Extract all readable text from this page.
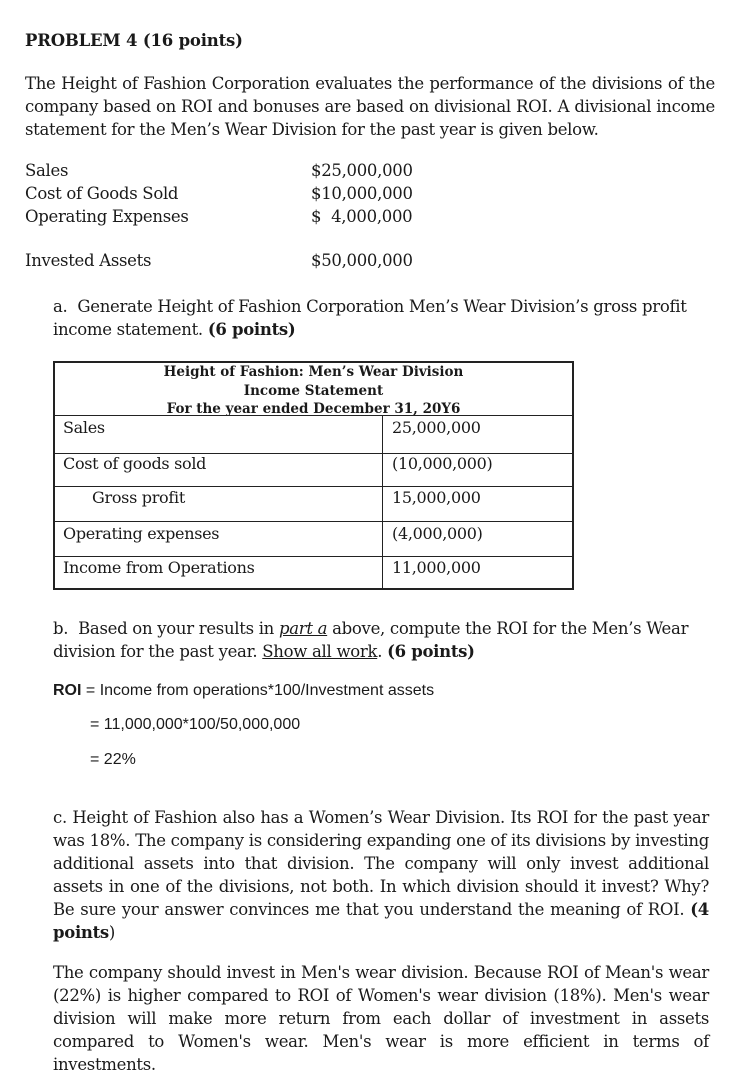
PROBLEM 4 (16 points)
The Height of Fashion Corporation evaluates the performance of the divisions of the company based on ROI and bonuses are based on divisional ROI. A divisional income statement for the Men’s Wear Division for the past year is given below.
Sales	$25,000,000
Cost of Goods Sold	$10,000,000
Operating Expenses	$  4,000,000
Invested Assets	$50,000,000
a. Generate Height of Fashion Corporation Men’s Wear Division’s gross profit income statement. (6 points)
Height of Fashion: Men’s Wear Division
Income Statement
For the year ended December 31, 20Y6
Sales	25,000,000
Cost of goods sold	(10,000,000)
Gross profit	15,000,000
Operating expenses	(4,000,000)
Income from Operations	11,000,000
b. Based on your results in part a above, compute the ROI for the Men’s Wear division for the past year. Show all work. (6 points)
ROI = Income from operations*100/Investment assets
= 11,000,000*100/50,000,000
= 22%
c. Height of Fashion also has a Women’s Wear Division. Its ROI for the past year was 18%. The company is considering expanding one of its divisions by investing additional assets into that division. The company will only invest additional assets in one of the divisions, not both. In which division should it invest? Why? Be sure your answer convinces me that you understand the meaning of ROI. (4 points)
The company should invest in Men's wear division. Because ROI of Mean's wear (22%) is higher compared to ROI of Women's wear division (18%). Men's wear division will make more return from each dollar of investment in assets compared to Women's wear. Men's wear is more efficient in terms of investments.
